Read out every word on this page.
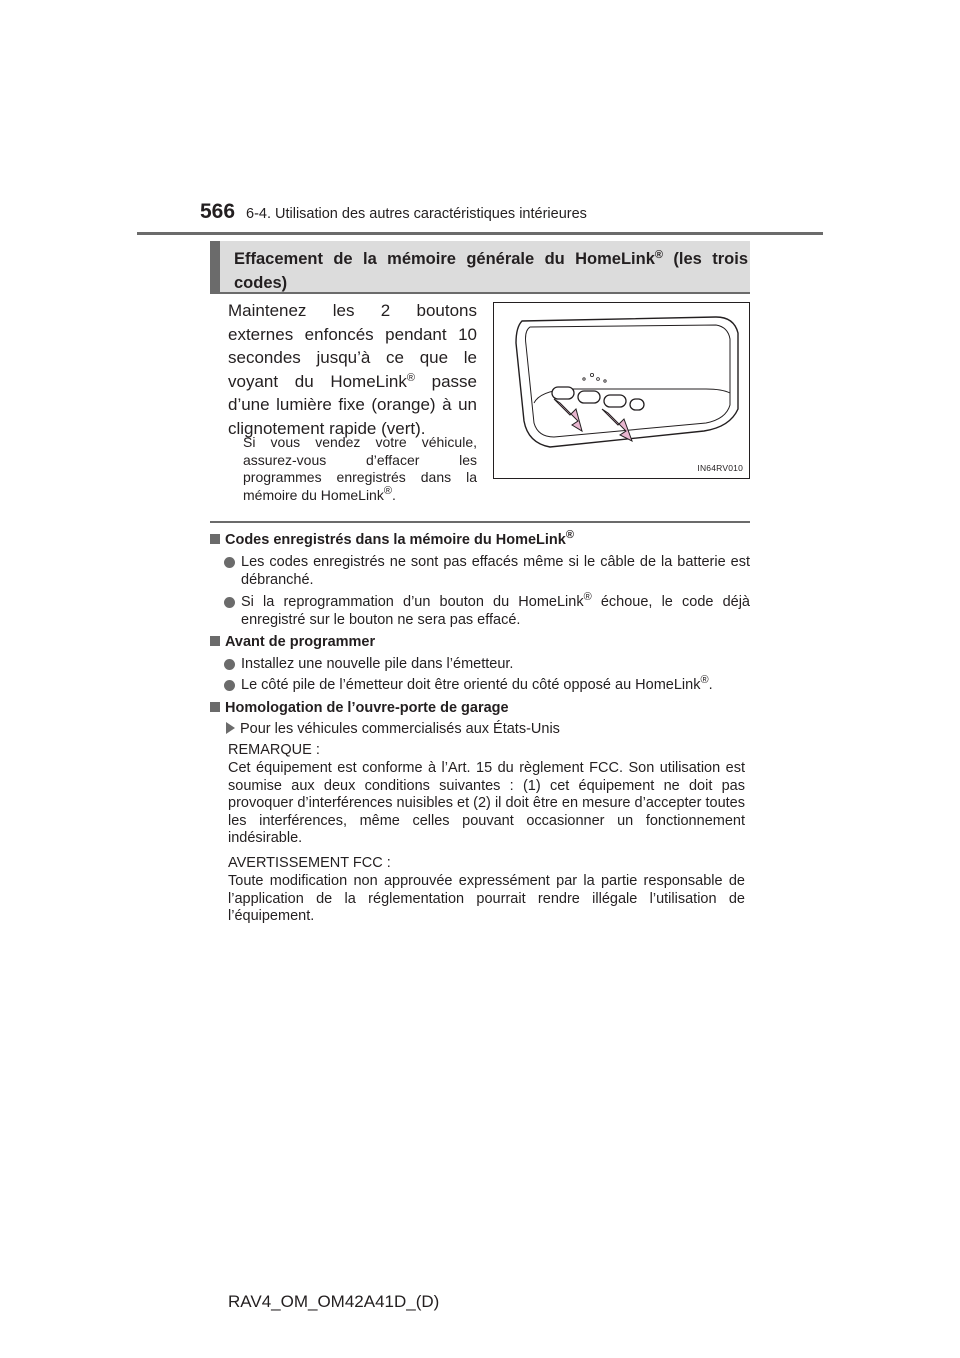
566 6-4. Utilisation des autres caractéristiques intérieures
Effacement de la mémoire générale du HomeLink® (les trois codes)
Maintenez les 2 boutons externes enfoncés pendant 10 secondes jusqu’à ce que le voyant du HomeLink® passe d’une lumière fixe (orange) à un clignotement rapide (vert).
Si vous vendez votre véhicule, assurez-vous d’effacer les programmes enregistrés dans la mémoire du HomeLink®.
IN64RV010
Codes enregistrés dans la mémoire du HomeLink®
Les codes enregistrés ne sont pas effacés même si le câble de la batterie est débranché.
Si la reprogrammation d’un bouton du HomeLink® échoue, le code déjà enregistré sur le bouton ne sera pas effacé.
Avant de programmer
Installez une nouvelle pile dans l’émetteur.
Le côté pile de l’émetteur doit être orienté du côté opposé au HomeLink®.
Homologation de l’ouvre-porte de garage
Pour les véhicules commercialisés aux États-Unis
REMARQUE :
Cet équipement est conforme à l’Art. 15 du règlement FCC. Son utilisation est soumise aux deux conditions suivantes : (1) cet équipement ne doit pas provoquer d’interférences nuisibles et (2) il doit être en mesure d’accepter toutes les interférences, même celles pouvant occasionner un fonctionnement indésirable.
AVERTISSEMENT FCC :
Toute modification non approuvée expressément par la partie responsable de l’application de la réglementation pourrait rendre illégale l’utilisation de l’équipement.
RAV4_OM_OM42A41D_(D)
